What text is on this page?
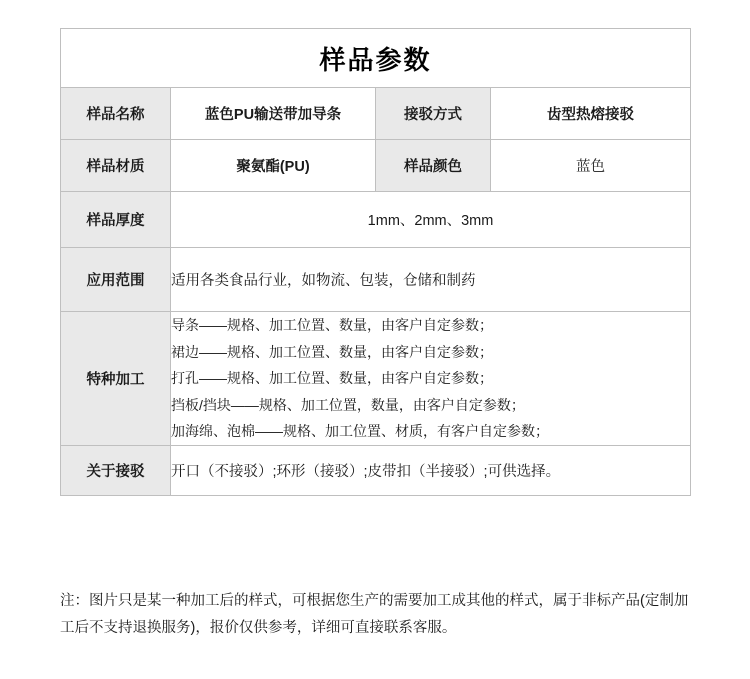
样品参数			
样品名称	蓝色PU输送带加导条	接驳方式	齿型热熔接驳
样品材质	聚氨酯(PU)	样品颜色	蓝色
样品厚度	1mm、2mm、3mm		
应用范围	适用各类食品行业，如物流、包装，仓储和制药		
特种加工	导条——规格、加工位置、数量，由客户自定参数；
裙边——规格、加工位置、数量，由客户自定参数；
打孔——规格、加工位置、数量，由客户自定参数；
挡板/挡块——规格、加工位置，数量，由客户自定参数；
加海绵、泡棉——规格、加工位置、材质，有客户自定参数；		

关于接驳	开口（不接驳）;环形（接驳）;皮带扣（半接驳）;可供选择。		
注：图片只是某一种加工后的样式，可根据您生产的需要加工成其他的样式，属于非标产品(定制加工后不支持退换服务)，报价仅供参考，详细可直接联系客服。
